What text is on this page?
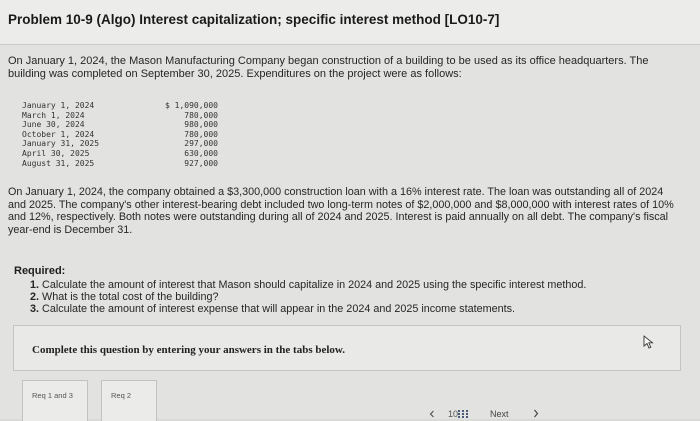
Problem 10-9 (Algo) Interest capitalization; specific interest method [LO10-7]
On January 1, 2024, the Mason Manufacturing Company began construction of a building to be used as its office headquarters. The building was completed on September 30, 2025. Expenditures on the project were as follows:
January 1, 2024	$ 1,090,000
March 1, 2024	780,000
June 30, 2024	980,000
October 1, 2024	780,000
January 31, 2025	297,000
April 30, 2025	630,000
August 31, 2025	927,000
On January 1, 2024, the company obtained a $3,300,000 construction loan with a 16% interest rate. The loan was outstanding all of 2024 and 2025. The company's other interest-bearing debt included two long-term notes of $2,000,000 and $8,000,000 with interest rates of 10% and 12%, respectively. Both notes were outstanding during all of 2024 and 2025. Interest is paid annually on all debt. The company's fiscal year-end is December 31.
Required:
1. Calculate the amount of interest that Mason should capitalize in 2024 and 2025 using the specific interest method.
2. What is the total cost of the building?
3. Calculate the amount of interest expense that will appear in the 2024 and 2025 income statements.
Complete this question by entering your answers in the tabs below.
Req 1 and 3	Req 2
10	Next
